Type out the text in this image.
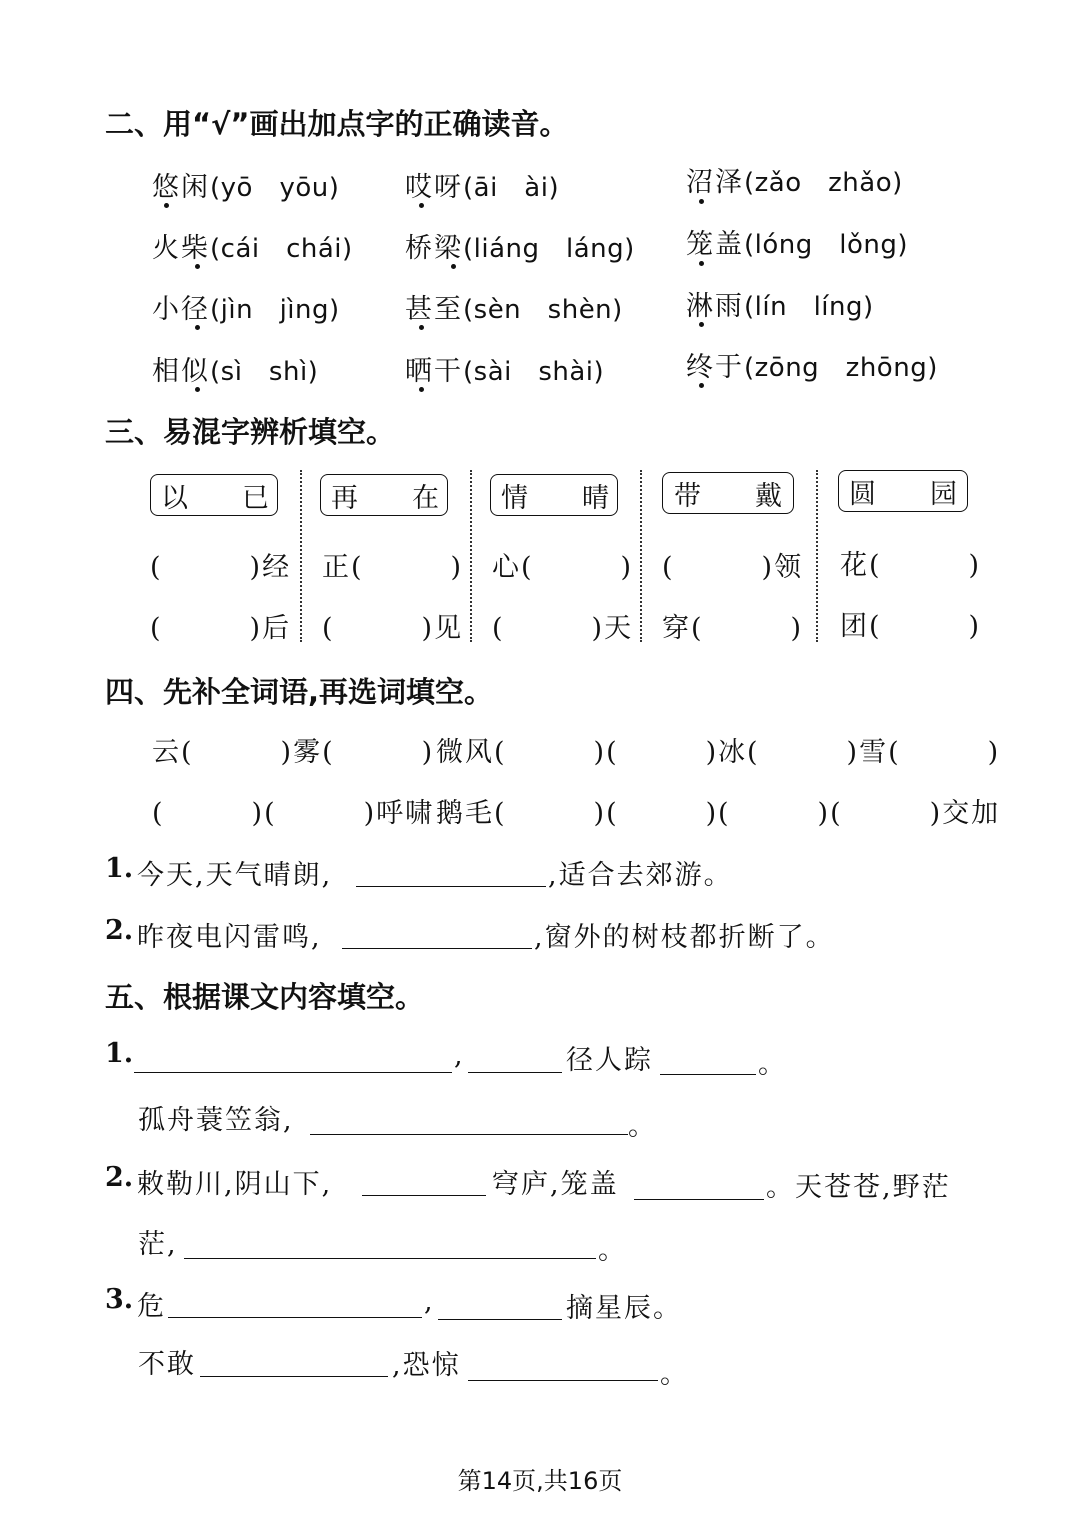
二、用“√”画出加点字的正确读音。
悠闲(yō　yōu) 哎呀(āi　ài)	沼泽(zǎo　zhǎo)
火柴(cái　chái) 桥梁(liáng　láng) 笼盖(lóng　lǒng)
小径(jìn　jìng) 甚至(sèn　shèn) 淋雨(lín　líng)
相似(sì　shì)	晒干(sài　shài)	终于(zōng　zhōng)
三、易混字辨析填空。
以　　已	再　　在	情　　晴	带　　戴	圆　　园
(　　　)经 正(　　　) 心(　　　) (　　　)领 花(　　　)
(　　　)后 (　　　)见 (　　　)天 穿(　　　) 团(　　　)
四、先补全词语,再选词填空。
云(　　　)雾(　　　) 微风(　　　)(　　　) 冰(　　　)雪(　　　)
(　　　)(　　　)呼啸 鹅毛(　　　)(　　　) (　　　)(　　　)交加
1. 今天,天气晴朗,	,适合去郊游。
2. 昨夜电闪雷鸣,	,窗外的树枝都折断了。
五、根据课文内容填空。
1.	,	径人踪	。
孤舟蓑笠翁,	。
2. 敕勒川,阴山下,	穹庐,笼盖	。天苍苍,野茫
茫,	。
3. 危	,	摘星辰。
不敢	,恐惊	。
第14页,共16页
